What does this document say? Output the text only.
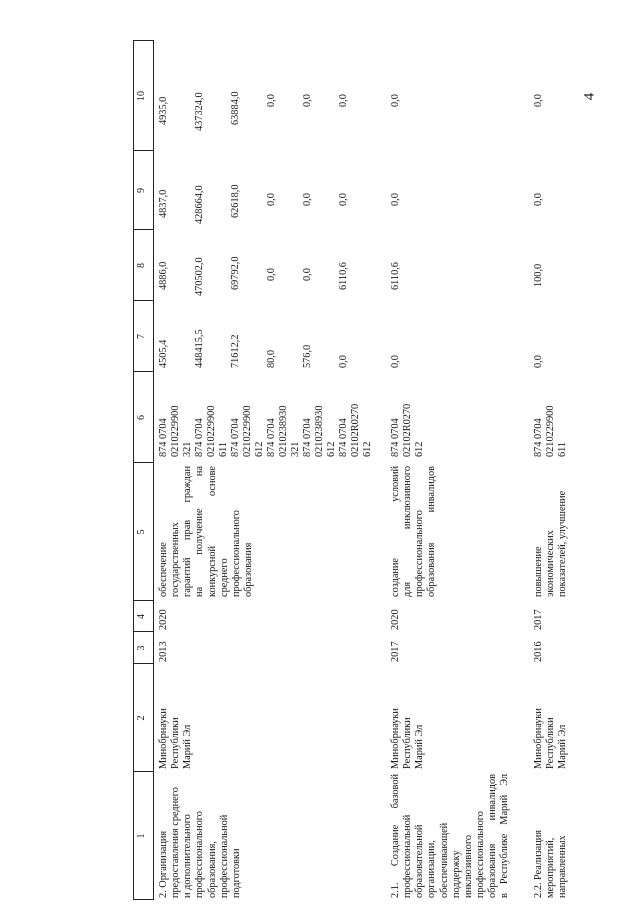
4
1
2
3
4
5
6
7
8
9
10
2. Организация
предоставления среднего
и дополнительного
профессионального
образования,
профессиональной
подготовки
Минобрнауки
Республики
Марий Эл
2013
2020
обеспечение
государственных
гарантий прав граждан
на получение на
конкурсной основе
среднего
профессионального
образования
874 0704
0210229900
321
4505,4
4886,0
4837,0
4935,0
874 0704
0210229900
611
448415,5
470502,0
428664,0
437324,0
874 0704
0210229900
612
71612,2
69792,0
62618,0
63884,0
874 0704
0210238930
321
80,0
0,0
0,0
0,0
874 0704
0210238930
612
576,0
0,0
0,0
0,0
874 0704
02102R0270
612
0,0
6110,6
0,0
0,0
2.1. Создание базовой
профессиональной
образовательной
организации,
обеспечивающей
поддержку
инклюзивного
профессионального
образования инвалидов
в Республике Марий Эл
Минобрнауки
Республики
Марий Эл
2017
2020
создание условий
для инклюзивного
профессионального
образования инвалидов
874 0704
02102R0270
612
0,0
6110,6
0,0
0,0
2.2. Реализация
мероприятий,
направленных
Минобрнауки
Республики
Марий Эл
2016
2017
повышение
экономических
показателей, улучшение
874 0704
0210229900
611
0,0
100,0
0,0
0,0
